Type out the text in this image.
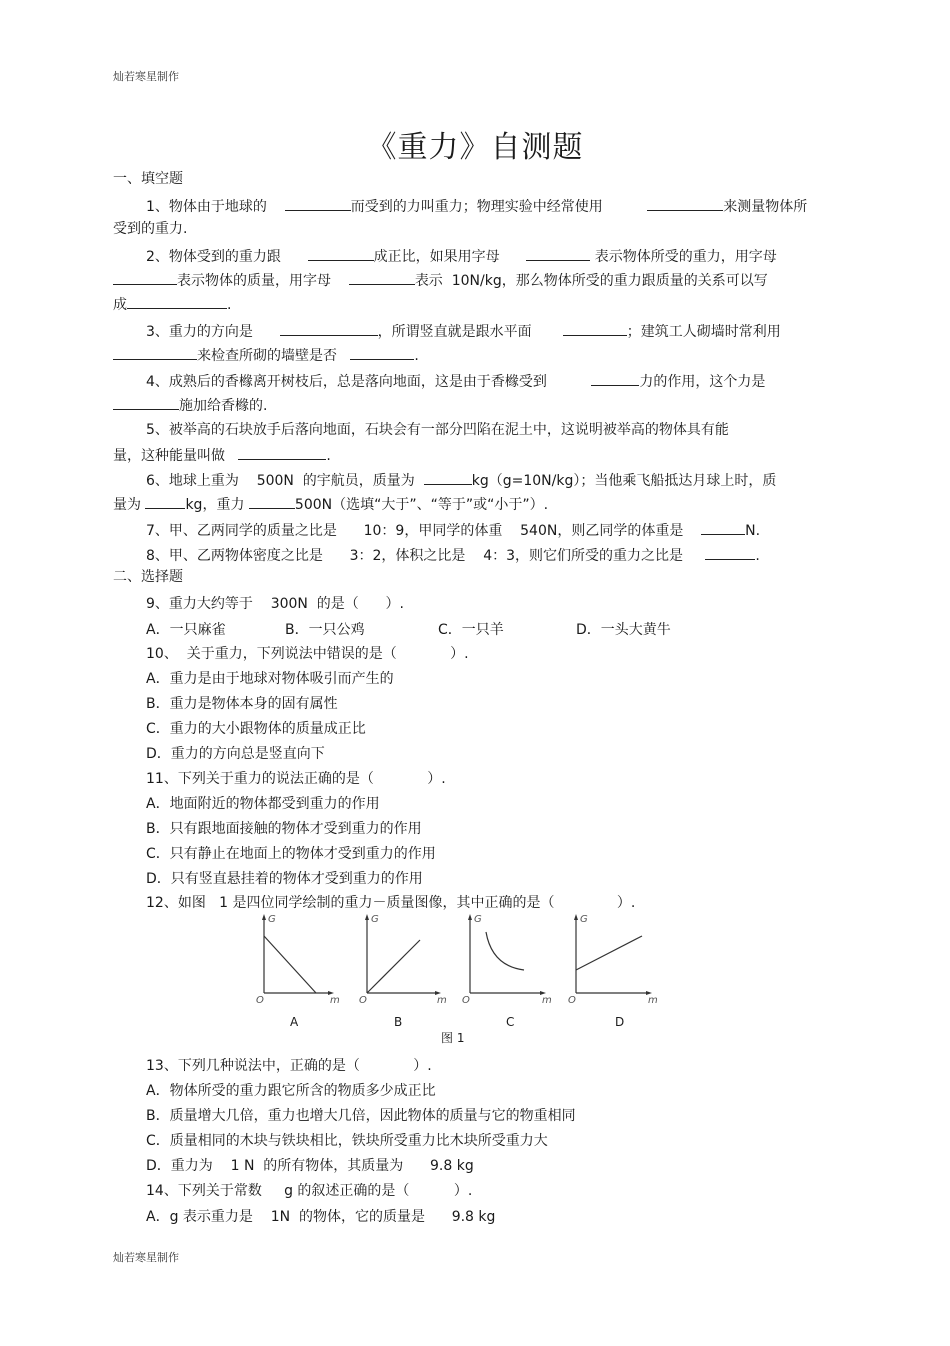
灿若寒星制作
《重力》自测题
一、填空题
1、物体由于地球的	而受到的力叫重力；物理实验中经常使用	来测量物体所
受到的重力.
2、物体受到的重力跟	成正比，如果用字母	表示物体所受的重力，用字母
表示物体的质量，用字母	表示  10N/kg，那么物体所受的重力跟质量的关系可以写
成	.
3、重力的方向是	，所谓竖直就是跟水平面	；建筑工人砌墙时常利用
来检查所砌的墙壁是否	.
4、成熟后的香橼离开树枝后，总是落向地面，这是由于香橼受到	力的作用，这个力是
施加给香橼的.
5、被举高的石块放手后落向地面，石块会有一部分凹陷在泥土中，这说明被举高的物体具有能
量，这种能量叫做	.
6、地球上重为    500N  的宇航员，质量为	kg（g=10N/kg）；当他乘飞船抵达月球上时，质
量为	kg，重力	500N（选填“大于”、“等于”或“小于”）.
7、甲、乙两同学的质量之比是      10：9，甲同学的体重    540N，则乙同学的体重是	N.
8、甲、乙两物体密度之比是      3：2，体积之比是    4：3，则它们所受的重力之比是	.
二、选择题
9、重力大约等于    300N  的是（      ）.
A．一只麻雀	B．一只公鸡	C．一只羊	D．一头大黄牛
10、  关于重力，下列说法中错误的是（            ）.
A．重力是由于地球对物体吸引而产生的
B．重力是物体本身的固有属性
C．重力的大小跟物体的质量成正比
D．重力的方向总是竖直向下
11、下列关于重力的说法正确的是（            ）.
A．地面附近的物体都受到重力的作用
B．只有跟地面接触的物体才受到重力的作用
C．只有静止在地面上的物体才受到重力的作用
D．只有竖直悬挂着的物体才受到重力的作用
12、如图   1 是四位同学绘制的重力－质量图像，其中正确的是（              ）.
G
m
O
G
m
O
G
m
O
G
m
O
A	B	C	D
图 1
13、下列几种说法中，正确的是（            ）.
A．物体所受的重力跟它所含的物质多少成正比
B．质量增大几倍，重力也增大几倍，因此物体的质量与它的物重相同
C．质量相同的木块与铁块相比，铁块所受重力比木块所受重力大
D．重力为    1 N  的所有物体，其质量为      9.8 kg
14、下列关于常数     g 的叙述正确的是（          ）.
A．g 表示重力是    1N  的物体，它的质量是      9.8 kg
灿若寒星制作
